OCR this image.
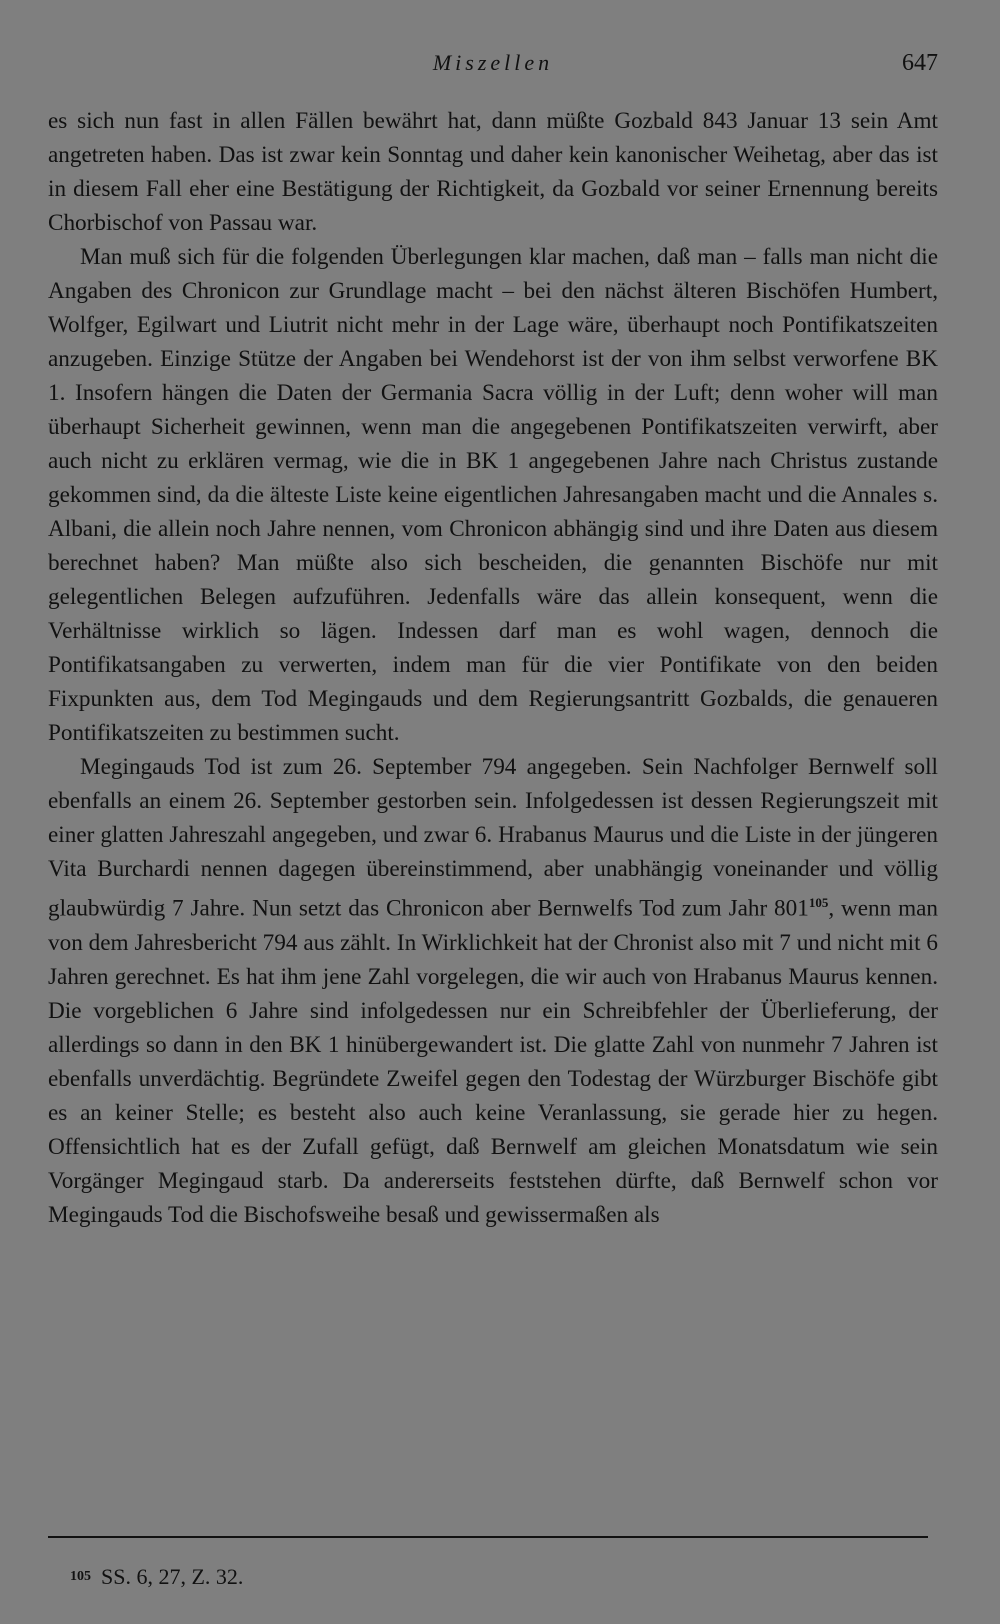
Miszellen	647

es sich nun fast in allen Fällen bewährt hat, dann müßte Gozbald 843 Januar 13 sein Amt angetreten haben. Das ist zwar kein Sonntag und daher kein kanonischer Weihetag, aber das ist in diesem Fall eher eine Bestätigung der Richtigkeit, da Gozbald vor seiner Ernennung bereits Chorbischof von Passau war.

Man muß sich für die folgenden Überlegungen klar machen, daß man – falls man nicht die Angaben des Chronicon zur Grundlage macht – bei den nächst älteren Bischöfen Humbert, Wolfger, Egilwart und Liutrit nicht mehr in der Lage wäre, überhaupt noch Pontifikatszeiten anzugeben. Einzige Stütze der Angaben bei Wendehorst ist der von ihm selbst verworfene BK 1. Insofern hängen die Daten der Germania Sacra völlig in der Luft; denn woher will man überhaupt Sicherheit gewinnen, wenn man die angegebenen Pontifikatszeiten verwirft, aber auch nicht zu erklären vermag, wie die in BK 1 angegebenen Jahre nach Christus zustande gekommen sind, da die älteste Liste keine eigentlichen Jahresangaben macht und die Annales s. Albani, die allein noch Jahre nennen, vom Chronicon abhängig sind und ihre Daten aus diesem berechnet haben? Man müßte also sich bescheiden, die genannten Bischöfe nur mit gelegentlichen Belegen aufzuführen. Jedenfalls wäre das allein konsequent, wenn die Verhältnisse wirklich so lägen. Indessen darf man es wohl wagen, dennoch die Pontifikatsangaben zu verwerten, indem man für die vier Pontifikate von den beiden Fixpunkten aus, dem Tod Megingauds und dem Regierungsantritt Gozbalds, die genaueren Pontifikatszeiten zu bestimmen sucht.

Megingauds Tod ist zum 26. September 794 angegeben. Sein Nachfolger Bernwelf soll ebenfalls an einem 26. September gestorben sein. Infolgedessen ist dessen Regierungszeit mit einer glatten Jahreszahl angegeben, und zwar 6. Hrabanus Maurus und die Liste in der jüngeren Vita Burchardi nennen dagegen übereinstimmend, aber unabhängig voneinander und völlig glaubwürdig 7 Jahre. Nun setzt das Chronicon aber Bernwelfs Tod zum Jahr 801$^{105}$, wenn man von dem Jahresbericht 794 aus zählt. In Wirklichkeit hat der Chronist also mit 7 und nicht mit 6 Jahren gerechnet. Es hat ihm jene Zahl vorgelegen, die wir auch von Hrabanus Maurus kennen. Die vorgeblichen 6 Jahre sind infolgedessen nur ein Schreibfehler der Überlieferung, der allerdings so dann in den BK 1 hinübergewandert ist. Die glatte Zahl von nunmehr 7 Jahren ist ebenfalls unverdächtig. Begründete Zweifel gegen den Todestag der Würzburger Bischöfe gibt es an keiner Stelle; es besteht also auch keine Veranlassung, sie gerade hier zu hegen. Offensichtlich hat es der Zufall gefügt, daß Bernwelf am gleichen Monatsdatum wie sein Vorgänger Megingaud starb. Da andererseits feststehen dürfte, daß Bernwelf schon vor Megingauds Tod die Bischofsweihe besaß und gewissermaßen als

$^{105}$ SS. 6, 27, Z. 32.
